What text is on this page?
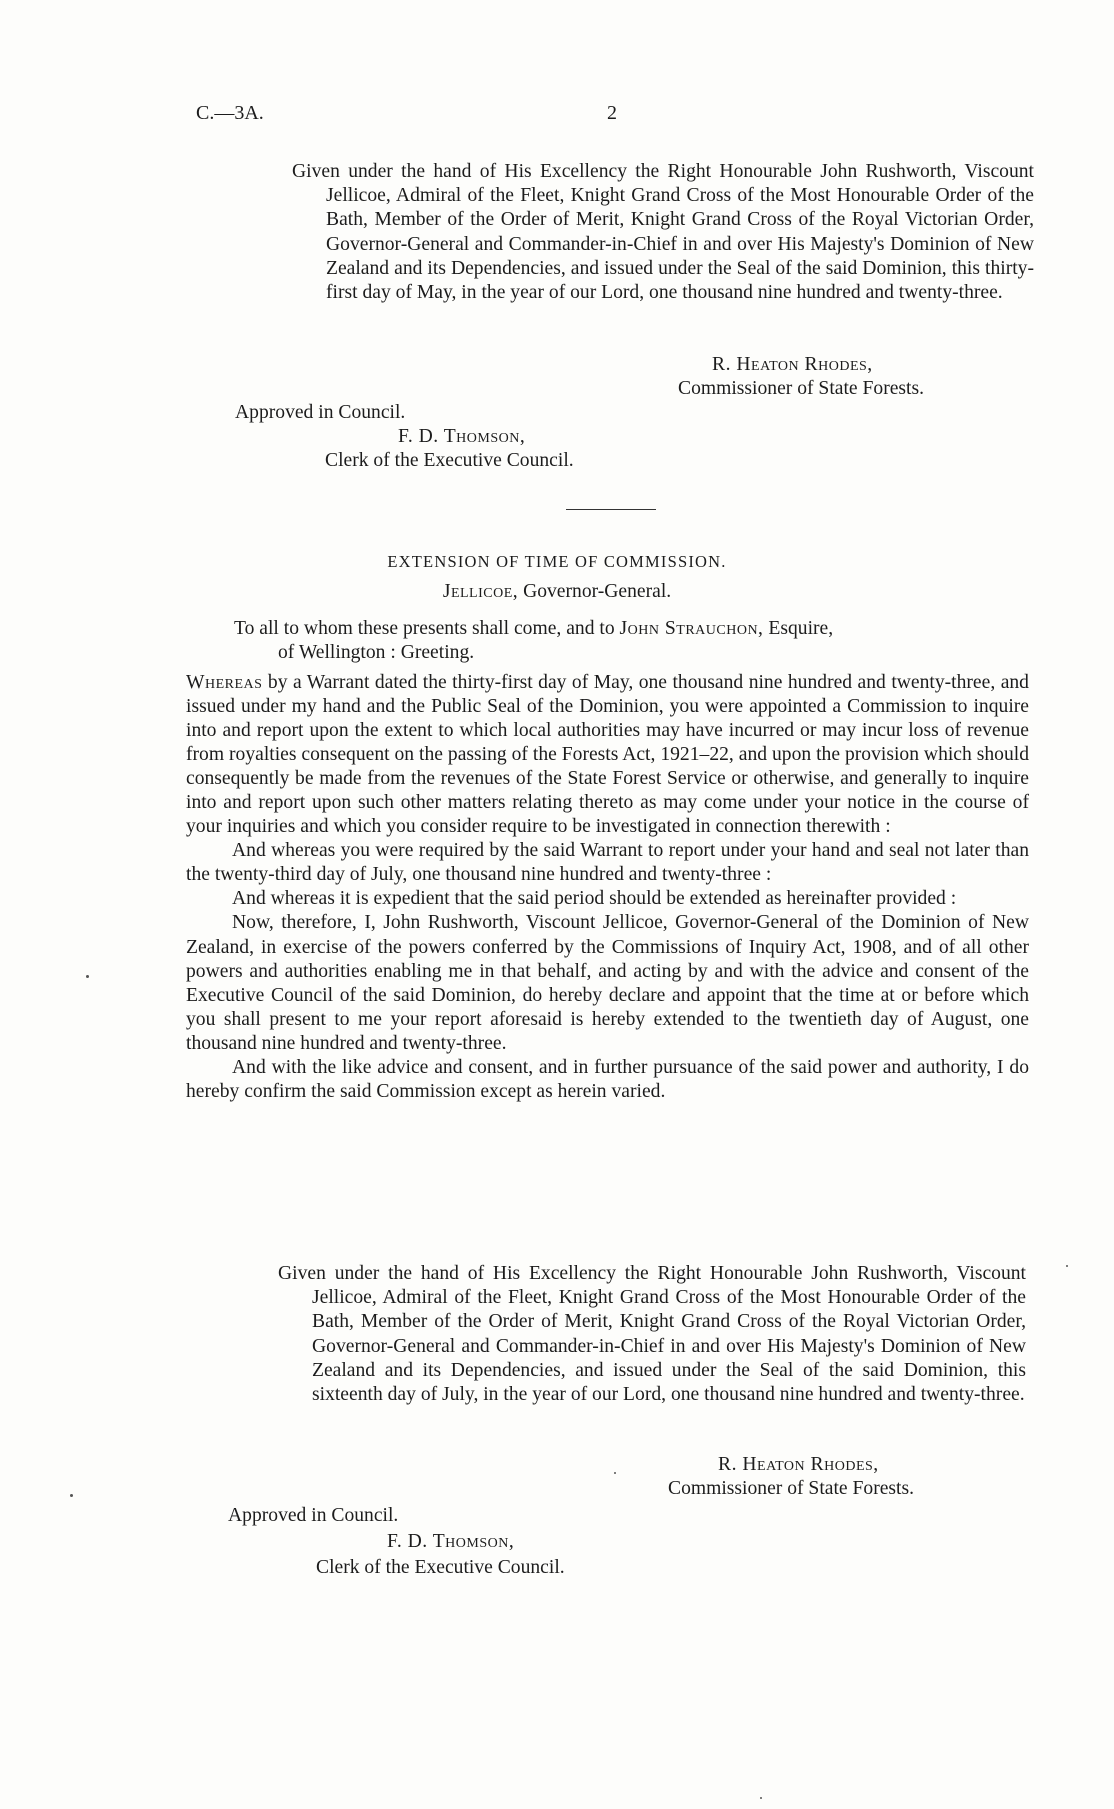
C.—3A.	2
Given under the hand of His Excellency the Right Honourable John Rushworth, Viscount Jellicoe, Admiral of the Fleet, Knight Grand Cross of the Most Honourable Order of the Bath, Member of the Order of Merit, Knight Grand Cross of the Royal Victorian Order, Governor-General and Commander-in-Chief in and over His Majesty's Dominion of New Zealand and its Dependencies, and issued under the Seal of the said Dominion, this thirty-first day of May, in the year of our Lord, one thousand nine hundred and twenty-three.
R. Heaton Rhodes,
Commissioner of State Forests.
Approved in Council.
F. D. Thomson,
Clerk of the Executive Council.
EXTENSION OF TIME OF COMMISSION.
Jellicoe, Governor-General.
To all to whom these presents shall come, and to John Strauchon, Esquire,
of Wellington : Greeting.

Whereas by a Warrant dated the thirty-first day of May, one thousand nine hundred and twenty-three, and issued under my hand and the Public Seal of the Dominion, you were appointed a Commission to inquire into and report upon the extent to which local authorities may have incurred or may incur loss of revenue from royalties consequent on the passing of the Forests Act, 1921–22, and upon the provision which should consequently be made from the revenues of the State Forest Service or otherwise, and generally to inquire into and report upon such other matters relating thereto as may come under your notice in the course of your inquiries and which you consider require to be investigated in connection therewith :

And whereas you were required by the said Warrant to report under your hand and seal not later than the twenty-third day of July, one thousand nine hundred and twenty-three :

And whereas it is expedient that the said period should be extended as hereinafter provided :

Now, therefore, I, John Rushworth, Viscount Jellicoe, Governor-General of the Dominion of New Zealand, in exercise of the powers conferred by the Commissions of Inquiry Act, 1908, and of all other powers and authorities enabling me in that behalf, and acting by and with the advice and consent of the Executive Council of the said Dominion, do hereby declare and appoint that the time at or before which you shall present to me your report aforesaid is hereby extended to the twentieth day of August, one thousand nine hundred and twenty-three.

And with the like advice and consent, and in further pursuance of the said power and authority, I do hereby confirm the said Commission except as herein varied.

Given under the hand of His Excellency the Right Honourable John Rushworth, Viscount Jellicoe, Admiral of the Fleet, Knight Grand Cross of the Most Honourable Order of the Bath, Member of the Order of Merit, Knight Grand Cross of the Royal Victorian Order, Governor-General and Commander-in-Chief in and over His Majesty's Dominion of New Zealand and its Dependencies, and issued under the Seal of the said Dominion, this sixteenth day of July, in the year of our Lord, one thousand nine hundred and twenty-three.
R. Heaton Rhodes,
Commissioner of State Forests.
Approved in Council.
F. D. Thomson,
Clerk of the Executive Council.
